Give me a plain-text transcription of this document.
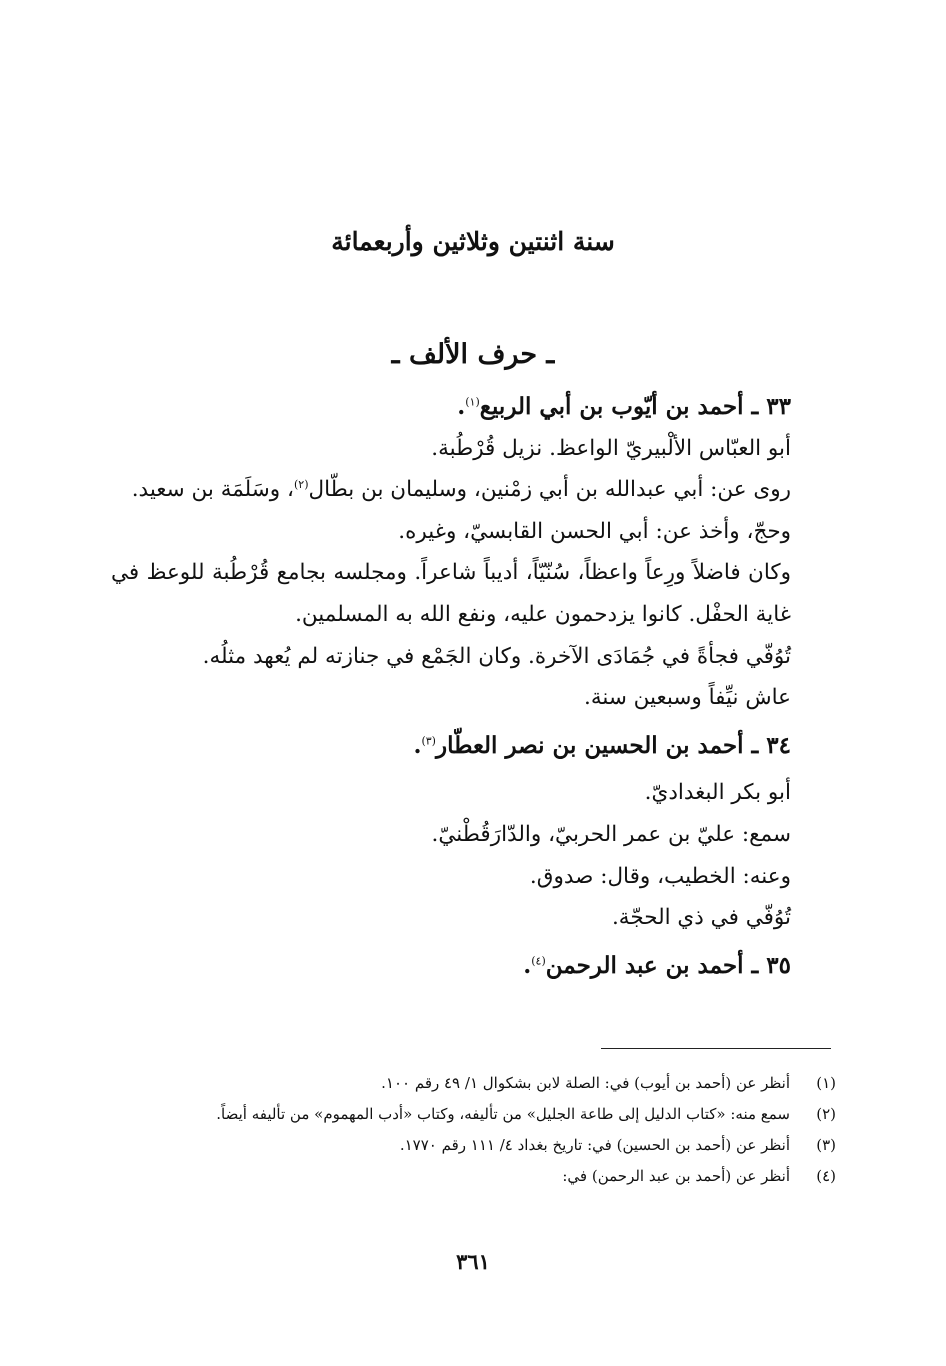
سنة اثنتين وثلاثين وأربعمائة
ـ حرف الألف ـ

٣٣ ـ أحمد بن أيّوب بن أبي الربيع$^{(١)}$.

أبو العبّاس الألْبيريّ الواعظ. نزيل قُرْطُبة.

روى عن: أبي عبدالله بن أبي زمْنين، وسليمان بن بطّال$^{(٢)}$، وسَلَمَة بن سعيد.

وحجّ، وأخذ عن: أبي الحسن القابسيّ، وغيره.

وكان فاضلاً ورِعاً واعظاً، سُنّيّاً، أديباً شاعراً. ومجلسه بجامع قُرْطُبة للوعظ في غاية الحفْل. كانوا يزدحمون عليه، ونفع الله به المسلمين.

تُوُفّي فجأةً في جُمَادَى الآخرة. وكان الجَمْع في جنازته لم يُعهد مثلُه.

عاش نيِّفاً وسبعين سنة.

٣٤ ـ أحمد بن الحسين بن نصر العطّار$^{(٣)}$.

أبو بكر البغداديّ.

سمع: عليّ بن عمر الحربيّ، والدّارَقُطْنيّ.

وعنه: الخطيب، وقال: صدوق.

تُوُفّي في ذي الحجّة.

٣٥ ـ أحمد بن عبد الرحمن$^{(٤)}$.

(١)
أنظر عن (أحمد بن أيوب) في: الصلة لابن بشكوال ١/ ٤٩ رقم ١٠٠.
(٢)
سمع منه: «كتاب الدليل إلى طاعة الجليل» من تأليفه، وكتاب «أدب المهموم» من تأليفه أيضاً.
(٣)
أنظر عن (أحمد بن الحسين) في: تاريخ بغداد ٤/ ١١١ رقم ١٧٧٠.
(٤)
أنظر عن (أحمد بن عبد الرحمن) في:
٣٦١
